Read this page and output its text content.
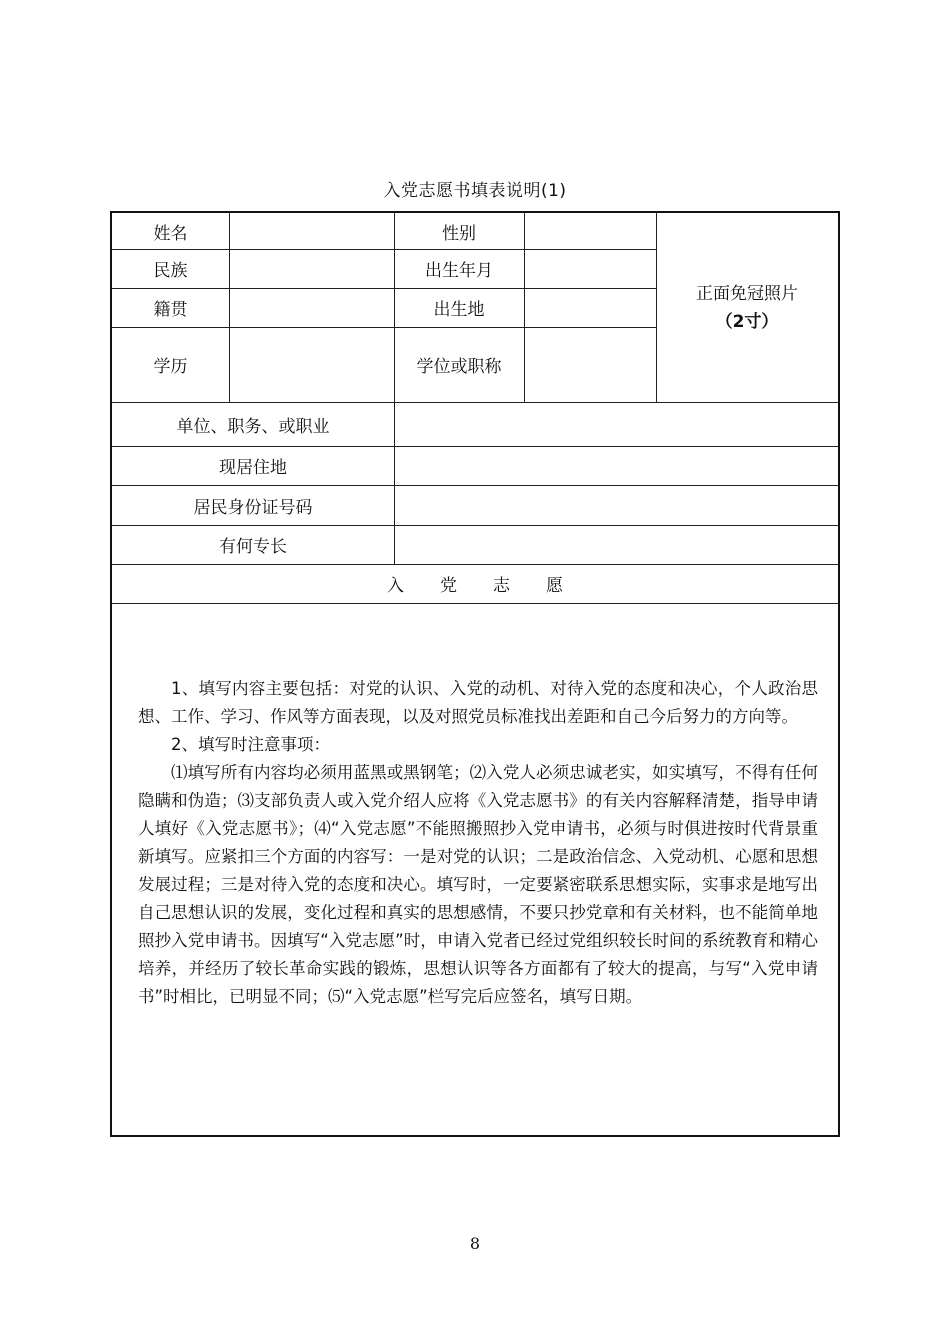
入党志愿书填表说明(1)
姓名	性别
民族	出生年月
籍贯	出生地
学历	学位或职称
正面免冠照片
（2寸）
单位、职务、或职业
现居住地
居民身份证号码
有何专长
入 党 志 愿

1、填写内容主要包括：对党的认识、入党的动机、对待入党的态度和决心，个人政治思想、工作、学习、作风等方面表现，以及对照党员标准找出差距和自己今后努力的方向等。

2、填写时注意事项：

⑴填写所有内容均必须用蓝黑或黑钢笔；⑵入党人必须忠诚老实，如实填写，不得有任何隐瞒和伪造；⑶支部负责人或入党介绍人应将《入党志愿书》的有关内容解释清楚，指导申请人填好《入党志愿书》；⑷“入党志愿”不能照搬照抄入党申请书，必须与时俱进按时代背景重新填写。应紧扣三个方面的内容写：一是对党的认识；二是政治信念、入党动机、心愿和思想发展过程；三是对待入党的态度和决心。填写时，一定要紧密联系思想实际，实事求是地写出自己思想认识的发展，变化过程和真实的思想感情，不要只抄党章和有关材料，也不能简单地照抄入党申请书。因填写“入党志愿”时，申请入党者已经过党组织较长时间的系统教育和精心培养，并经历了较长革命实践的锻炼，思想认识等各方面都有了较大的提高，与写“入党申请书”时相比，已明显不同；⑸“入党志愿”栏写完后应签名，填写日期。

8
